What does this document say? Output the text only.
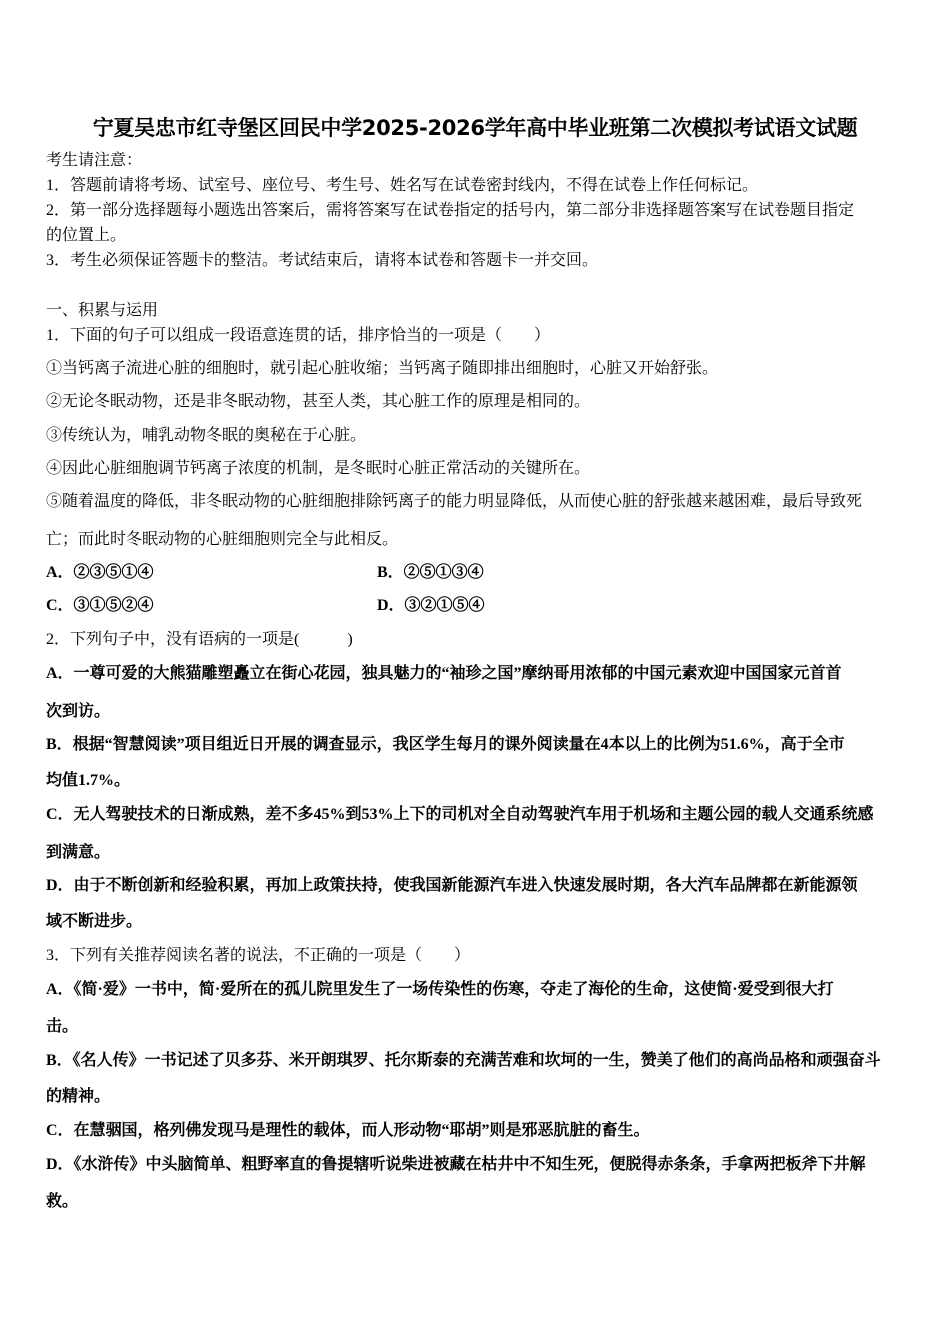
宁夏吴忠市红寺堡区回民中学2025-2026学年高中毕业班第二次模拟考试语文试题
考生请注意：
1．答题前请将考场、试室号、座位号、考生号、姓名写在试卷密封线内，不得在试卷上作任何标记。
2．第一部分选择题每小题选出答案后，需将答案写在试卷指定的括号内，第二部分非选择题答案写在试卷题目指定
的位置上。
3．考生必须保证答题卡的整洁。考试结束后，请将本试卷和答题卡一并交回。
一、积累与运用
1．下面的句子可以组成一段语意连贯的话，排序恰当的一项是（　　）
①当钙离子流进心脏的细胞时，就引起心脏收缩；当钙离子随即排出细胞时，心脏又开始舒张。
②无论冬眠动物，还是非冬眠动物，甚至人类，其心脏工作的原理是相同的。
③传统认为，哺乳动物冬眠的奥秘在于心脏。
④因此心脏细胞调节钙离子浓度的机制，是冬眠时心脏正常活动的关键所在。
⑤随着温度的降低，非冬眠动物的心脏细胞排除钙离子的能力明显降低，从而使心脏的舒张越来越困难，最后导致死
亡；而此时冬眠动物的心脏细胞则完全与此相反。
A．②③⑤①④	B．②⑤①③④
C．③①⑤②④	D．③②①⑤④
2．下列句子中，没有语病的一项是(　　　)
A．一尊可爱的大熊猫雕塑矗立在街心花园，独具魅力的“袖珍之国”摩纳哥用浓郁的中国元素欢迎中国国家元首首
次到访。
B．根据“智慧阅读”项目组近日开展的调查显示，我区学生每月的课外阅读量在4本以上的比例为51.6%，高于全市
均值1.7%。
C．无人驾驶技术的日渐成熟，差不多45%到53%上下的司机对全自动驾驶汽车用于机场和主题公园的载人交通系统感
到满意。
D．由于不断创新和经验积累，再加上政策扶持，使我国新能源汽车进入快速发展时期，各大汽车品牌都在新能源领
域不断进步。
3．下列有关推荐阅读名著的说法，不正确的一项是（　　）
A．《简·爱》一书中，简·爱所在的孤儿院里发生了一场传染性的伤寒，夺走了海伦的生命，这使简·爱受到很大打
击。
B．《名人传》一书记述了贝多芬、米开朗琪罗、托尔斯泰的充满苦难和坎坷的一生，赞美了他们的高尚品格和顽强奋斗
的精神。
C．在慧骃国，格列佛发现马是理性的载体，而人形动物“耶胡”则是邪恶肮脏的畜生。
D．《水浒传》中头脑简单、粗野率直的鲁提辖听说柴进被藏在枯井中不知生死，便脱得赤条条，手拿两把板斧下井解
救。
